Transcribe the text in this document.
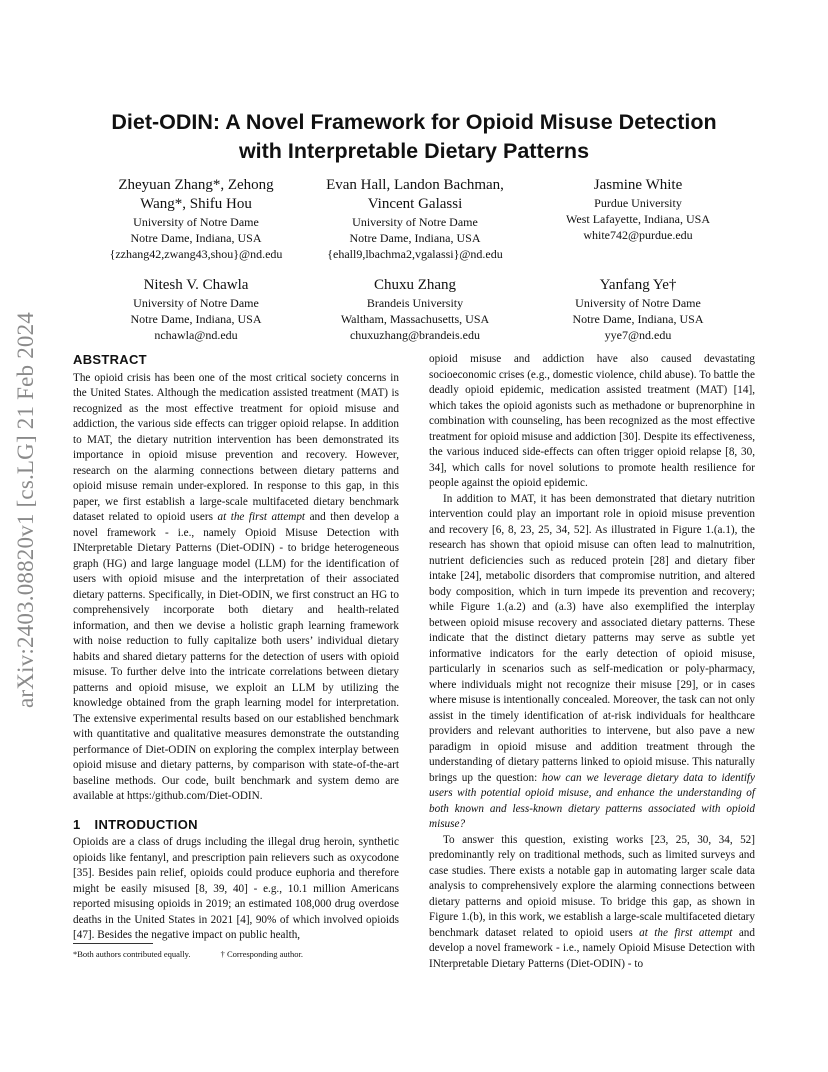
arXiv:2403.08820v1 [cs.LG] 21 Feb 2024
Diet-ODIN: A Novel Framework for Opioid Misuse Detection
with Interpretable Dietary Patterns
Zheyuan Zhang*, Zehong Wang*, Shifu Hou
University of Notre Dame
Notre Dame, Indiana, USA
{zzhang42,zwang43,shou}@nd.edu
Evan Hall, Landon Bachman, Vincent Galassi
University of Notre Dame
Notre Dame, Indiana, USA
{ehall9,lbachma2,vgalassi}@nd.edu
Jasmine White
Purdue University
West Lafayette, Indiana, USA
white742@purdue.edu
Nitesh V. Chawla
University of Notre Dame
Notre Dame, Indiana, USA
nchawla@nd.edu
Chuxu Zhang
Brandeis University
Waltham, Massachusetts, USA
chuxuzhang@brandeis.edu
Yanfang Ye†
University of Notre Dame
Notre Dame, Indiana, USA
yye7@nd.edu
ABSTRACT

The opioid crisis has been one of the most critical society concerns in the United States. Although the medication assisted treatment (MAT) is recognized as the most effective treatment for opioid misuse and addiction, the various side effects can trigger opioid relapse. In addition to MAT, the dietary nutrition intervention has been demonstrated its importance in opioid misuse prevention and recovery. However, research on the alarming connections between dietary patterns and opioid misuse remain under-explored. In response to this gap, in this paper, we first establish a large-scale multifaceted dietary benchmark dataset related to opioid users at the first attempt and then develop a novel framework - i.e., namely Opioid Misuse Detection with INterpretable Dietary Patterns (Diet-ODIN) - to bridge heterogeneous graph (HG) and large language model (LLM) for the identification of users with opioid misuse and the interpretation of their associated dietary patterns. Specifically, in Diet-ODIN, we first construct an HG to comprehensively incorporate both dietary and health-related information, and then we devise a holistic graph learning framework with noise reduction to fully capitalize both users’ individual dietary habits and shared dietary patterns for the detection of users with opioid misuse. To further delve into the intricate correlations between dietary patterns and opioid misuse, we exploit an LLM by utilizing the knowledge obtained from the graph learning model for interpretation. The extensive experimental results based on our established benchmark with quantitative and qualitative measures demonstrate the outstanding performance of Diet-ODIN on exploring the complex interplay between opioid misuse and dietary patterns, by comparison with state-of-the-art baseline methods. Our code, built benchmark and system demo are available at https:/github.com/Diet-ODIN.

1 INTRODUCTION

Opioids are a class of drugs including the illegal drug heroin, synthetic opioids like fentanyl, and prescription pain relievers such as oxycodone [35]. Besides pain relief, opioids could produce euphoria and therefore might be easily misused [8, 39, 40] - e.g., 10.1 million Americans reported misusing opioids in 2019; an estimated 108,000 drug overdose deaths in the United States in 2021 [4], 90% of which involved opioids [47]. Besides the negative impact on public health,

opioid misuse and addiction have also caused devastating socioeconomic crises (e.g., domestic violence, child abuse). To battle the deadly opioid epidemic, medication assisted treatment (MAT) [14], which takes the opioid agonists such as methadone or buprenorphine in combination with counseling, has been recognized as the most effective treatment for opioid misuse and addiction [30]. Despite its effectiveness, the various induced side-effects can often trigger opioid relapse [8, 30, 34], which calls for novel solutions to promote health resilience for people against the opioid epidemic.

In addition to MAT, it has been demonstrated that dietary nutrition intervention could play an important role in opioid misuse prevention and recovery [6, 8, 23, 25, 34, 52]. As illustrated in Figure 1.(a.1), the research has shown that opioid misuse can often lead to malnutrition, nutrient deficiencies such as reduced protein [28] and dietary fiber intake [24], metabolic disorders that compromise nutrition, and altered body composition, which in turn impede its prevention and recovery; while Figure 1.(a.2) and (a.3) have also exemplified the interplay between opioid misuse recovery and associated dietary patterns. These indicate that the distinct dietary patterns may serve as subtle yet informative indicators for the early detection of opioid misuse, particularly in scenarios such as self-medication or poly-pharmacy, where individuals might not recognize their misuse [29], or in cases where misuse is intentionally concealed. Moreover, the task can not only assist in the timely identification of at-risk individuals for healthcare providers and relevant authorities to intervene, but also pave a new paradigm in opioid misuse and addition treatment through the understanding of dietary patterns linked to opioid misuse. This naturally brings up the question: how can we leverage dietary data to identify users with potential opioid misuse, and enhance the understanding of both known and less-known dietary patterns associated with opioid misuse?

To answer this question, existing works [23, 25, 30, 34, 52] predominantly rely on traditional methods, such as limited surveys and case studies. There exists a notable gap in automating larger scale data analysis to comprehensively explore the alarming connections between dietary patterns and opioid misuse. To bridge this gap, as shown in Figure 1.(b), in this work, we establish a large-scale multifaceted dietary benchmark dataset related to opioid users at the first attempt and develop a novel framework - i.e., namely Opioid Misuse Detection with INterpretable Dietary Patterns (Diet-ODIN) - to

*Both authors contributed equally.	† Corresponding author.
